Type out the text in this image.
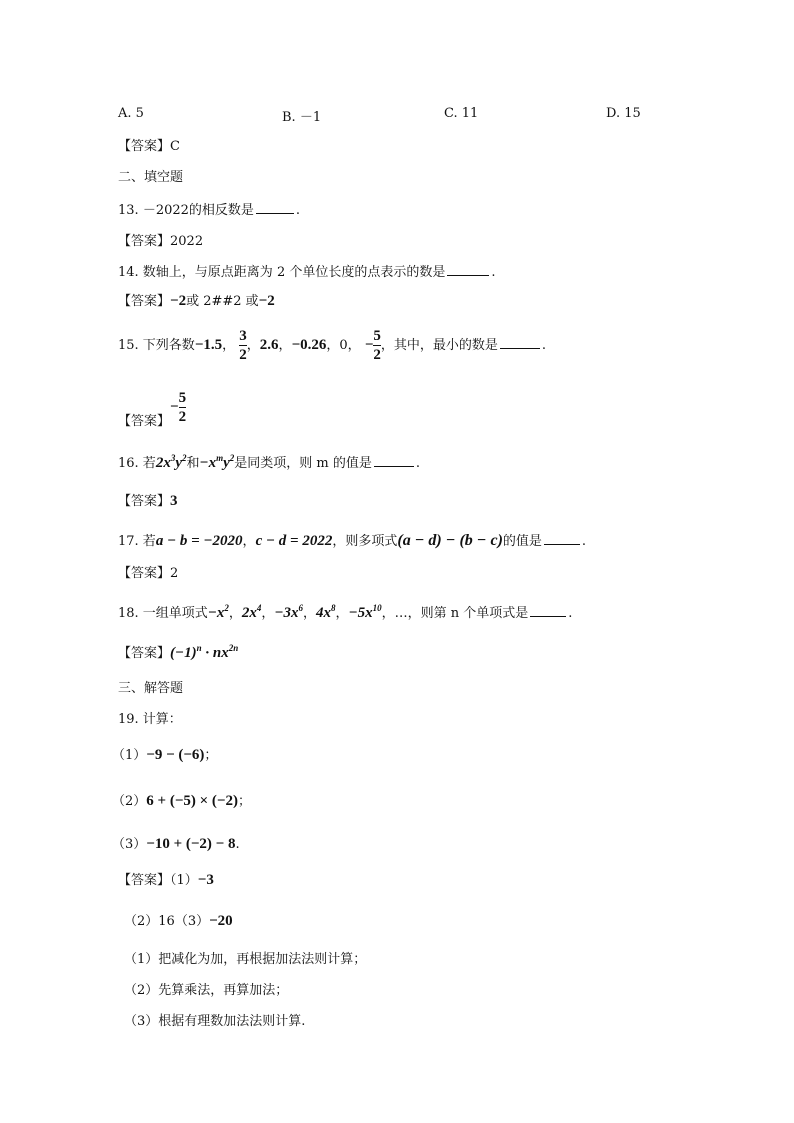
A. 5	B. －1	C. 11	D. 15
【答案】C
二、填空题
13. －2022的相反数是	.
【答案】2022
14. 数轴上，与原点距离为 2 个单位长度的点表示的数是	.
【答案】−2或 2##2 或−2
15. 下列各数−1.5， $\frac{3}{2}$ ，2.6，−0.26，0， − $\frac{5}{2}$ ，其中，最小的数是	.
【答案】− $\frac{5}{2}$
16. 若$2x^3y^2$和$-x^my^2$是同类项，则 m 的值是	.
【答案】3
17. 若a − b = −2020，c − d = 2022，则多项式(a − d) − (b − c)的值是	.
【答案】2
18. 一组单项式$-x^2$，$2x^4$，$-3x^6$，$4x^8$，$-5x^{10}$，…，则第 n 个单项式是	.
【答案】$(-1)^n \cdot nx^{2n}$
三、解答题
19. 计算：
（1）−9 − (−6)；
（2）6 + (−5) × (−2)；
（3）−10 + (−2) − 8.
【答案】（1）−3
（2）16（3）−20
（1）把减化为加，再根据加法法则计算；
（2）先算乘法，再算加法；
（3）根据有理数加法法则计算.
